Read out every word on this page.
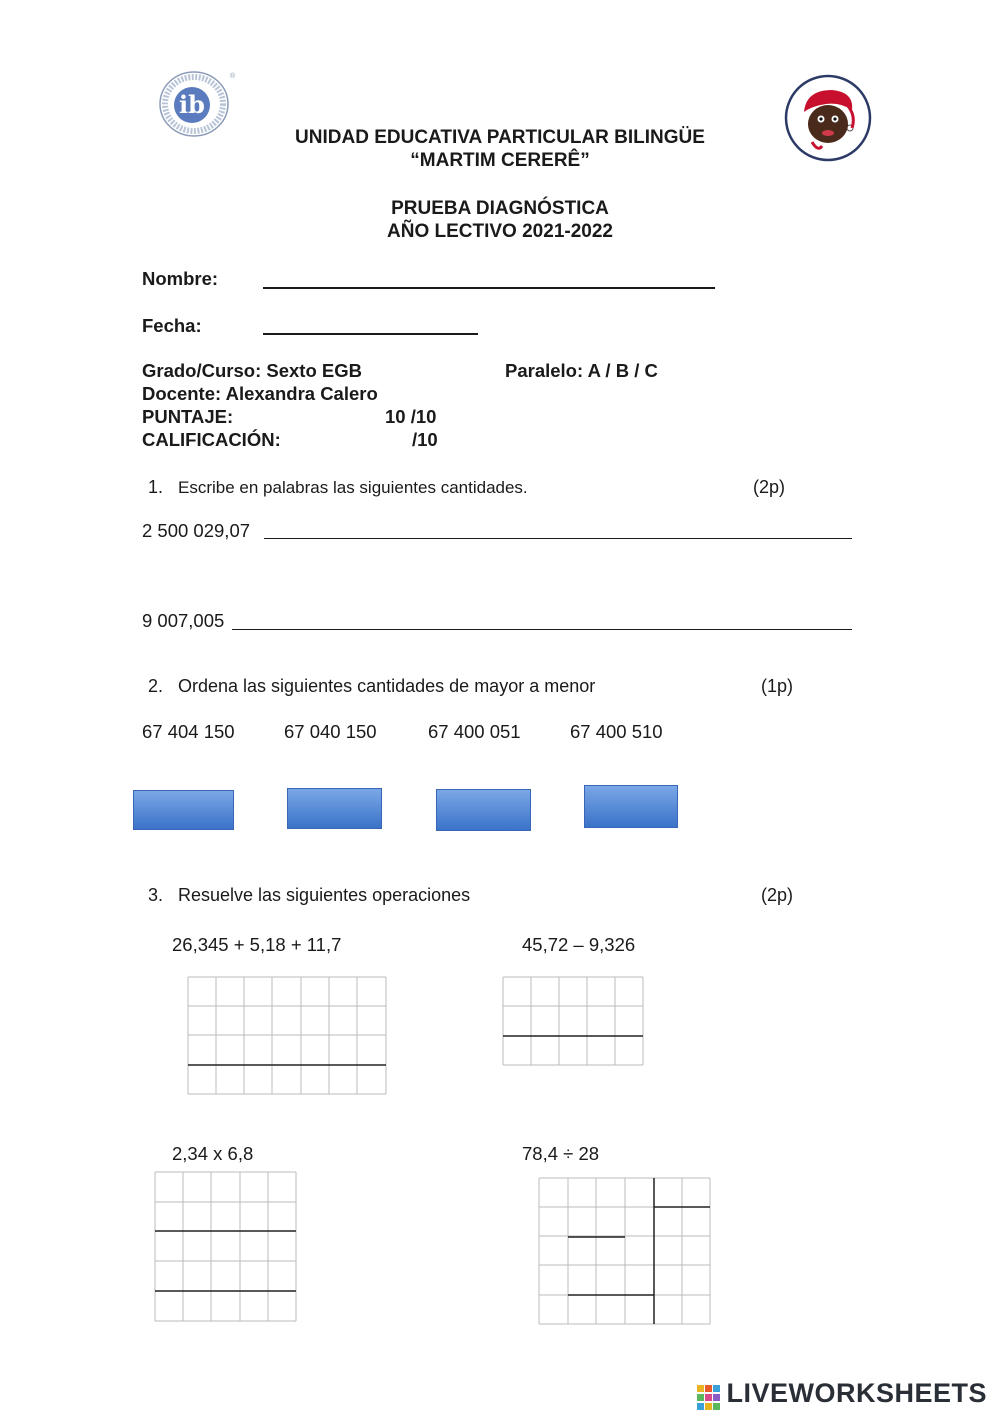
ib
®
UNIDAD EDUCATIVA PARTICULAR BILINGÜE
“MARTIM CERERÊ”
PRUEBA DIAGNÓSTICA
AÑO LECTIVO 2021-2022
Nombre:
Fecha:
Grado/Curso: Sexto EGB	Paralelo: A / B / C
Docente: Alexandra Calero
PUNTAJE:	10 /10
CALIFICACIÓN:	/10
1. Escribe en palabras las siguientes cantidades.	(2p)
2 500 029,07
9 007,005
2. Ordena las siguientes cantidades de mayor a menor	(1p)
67 404 150	67 040 150	67 400 051	67 400 510
3. Resuelve las siguientes operaciones	(2p)
26,345 + 5,18 + 11,7	45,72 – 9,326
2,34 x 6,8	78,4 ÷ 28
LIVEWORKSHEETS
